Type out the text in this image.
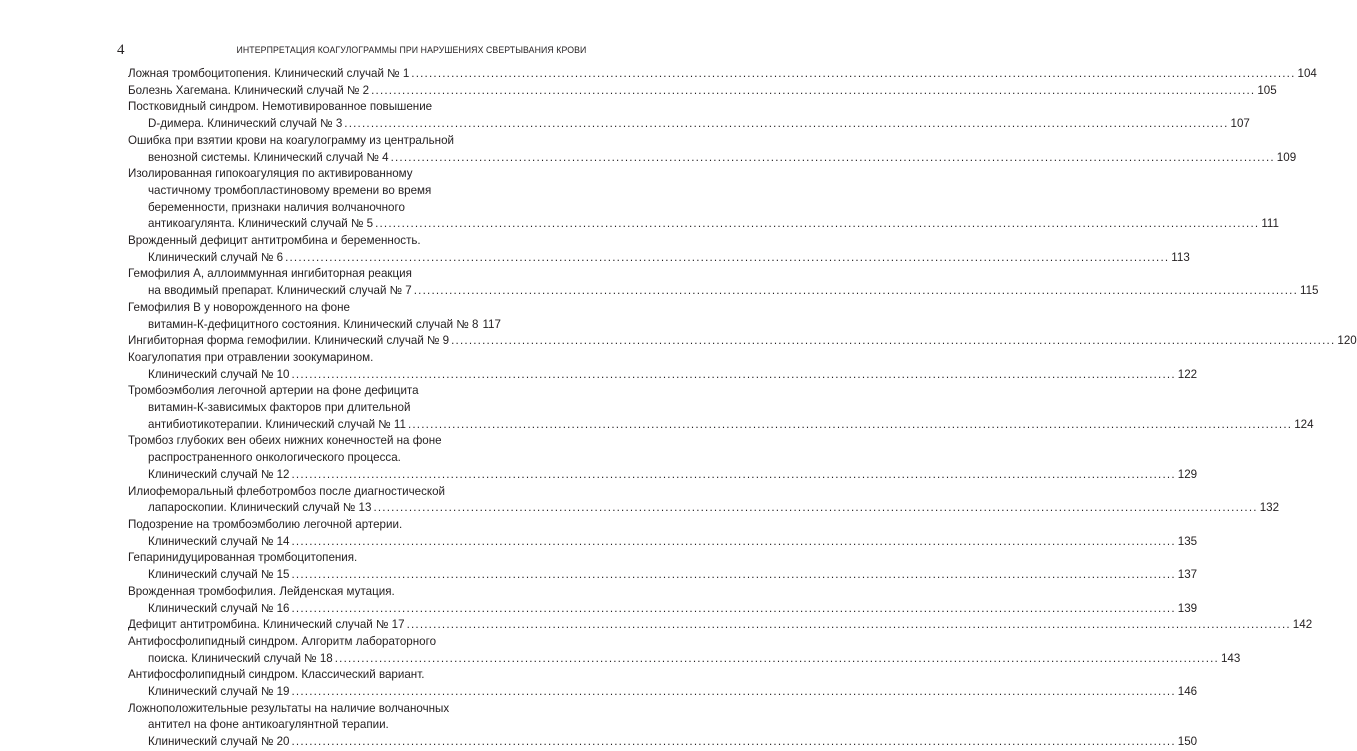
4	ИНТЕРПРЕТАЦИЯ КОАГУЛОГРАММЫ ПРИ НАРУШЕНИЯХ СВЕРТЫВАНИЯ КРОВИ
Ложная тромбоцитопения. Клинический случай № 1 ........................................................................................................................................................................................................ 104
Болезнь Хагемана. Клинический случай № 2 ........................................................................................................................................................................................................ 105
Постковидный синдром. Немотивированное повышение
D-димера. Клинический случай № 3 ........................................................................................................................................................................................................ 107
Ошибка при взятии крови на коагулограмму из центральной
венозной системы. Клинический случай № 4 ........................................................................................................................................................................................................ 109
Изолированная гипокоагуляция по активированному
частичному тромбопластиновому времени во время
беременности, признаки наличия волчаночного
антикоагулянта. Клинический случай № 5 ........................................................................................................................................................................................................ 111
Врожденный дефицит антитромбина и беременность.
Клинический случай № 6 ........................................................................................................................................................................................................ 113
Гемофилия А, аллоиммунная ингибиторная реакция
на вводимый препарат. Клинический случай № 7 ........................................................................................................................................................................................................ 115
Гемофилия В у новорожденного на фоне
витамин-К-дефицитного состояния. Клинический случай № 8 117
Ингибиторная форма гемофилии. Клинический случай № 9 ........................................................................................................................................................................................................ 120
Коагулопатия при отравлении зоокумарином.
Клинический случай № 10 ........................................................................................................................................................................................................ 122
Тромбоэмболия легочной артерии на фоне дефицита
витамин-К-зависимых факторов при длительной
антибиотикотерапии. Клинический случай № 11 ........................................................................................................................................................................................................ 124
Тромбоз глубоких вен обеих нижних конечностей на фоне
распространенного онкологического процесса.
Клинический случай № 12 ........................................................................................................................................................................................................ 129
Илиофеморальный флеботромбоз после диагностической
лапароскопии. Клинический случай № 13 ........................................................................................................................................................................................................ 132
Подозрение на тромбоэмболию легочной артерии.
Клинический случай № 14 ........................................................................................................................................................................................................ 135
Гепаринидуцированная тромбоцитопения.
Клинический случай № 15 ........................................................................................................................................................................................................ 137
Врожденная тромбофилия. Лейденская мутация.
Клинический случай № 16 ........................................................................................................................................................................................................ 139
Дефицит антитромбина. Клинический случай № 17 ........................................................................................................................................................................................................ 142
Антифосфолипидный синдром. Алгоритм лабораторного
поиска. Клинический случай № 18 ........................................................................................................................................................................................................ 143
Антифосфолипидный синдром. Классический вариант.
Клинический случай № 19 ........................................................................................................................................................................................................ 146
Ложноположительные результаты на наличие волчаночных
антител на фоне антикоагулянтной терапии.
Клинический случай № 20 ........................................................................................................................................................................................................ 150
